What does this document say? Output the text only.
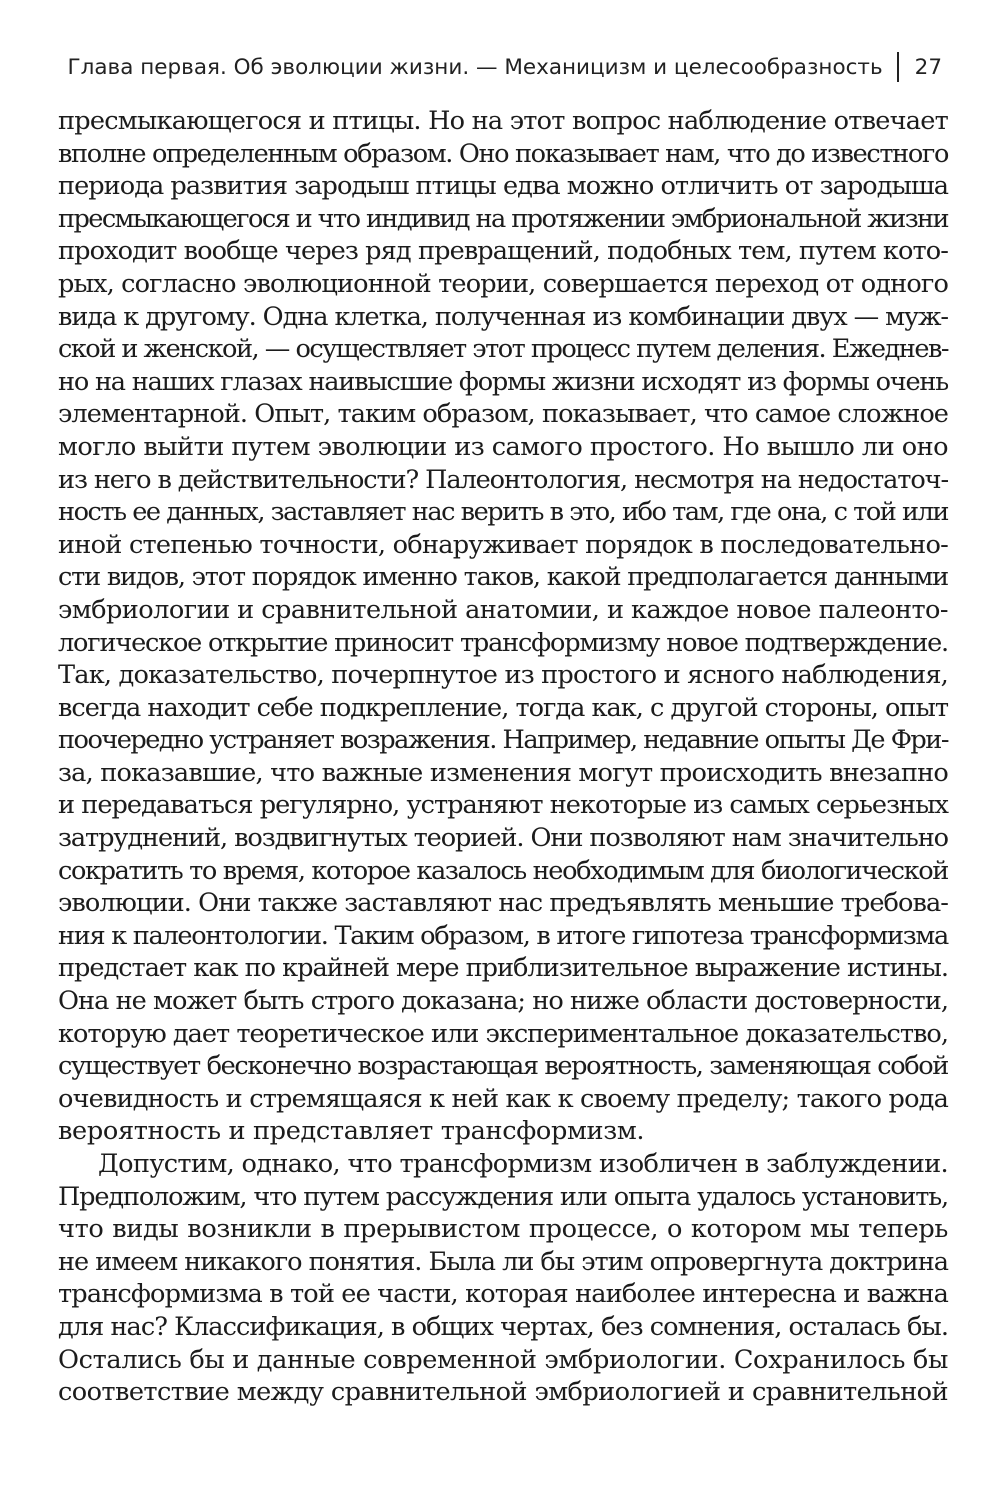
Глава первая. Об эволюции жизни. — Механицизм и целесообразность 27
пресмыкающегося и птицы. Но на этот вопрос наблюдение отвечает
вполне определенным образом. Оно показывает нам, что до известного
периода развития зародыш птицы едва можно отличить от зародыша
пресмыкающегося и что индивид на протяжении эмбриональной жизни
проходит вообще через ряд превращений, подобных тем, путем кото-
рых, согласно эволюционной теории, совершается переход от одного
вида к другому. Одна клетка, полученная из комбинации двух — муж-
ской и женской, — осуществляет этот процесс путем деления. Ежеднев-
но на наших глазах наивысшие формы жизни исходят из формы очень
элементарной. Опыт, таким образом, показывает, что самое сложное
могло выйти путем эволюции из самого простого. Но вышло ли оно
из него в действительности? Палеонтология, несмотря на недостаточ-
ность ее данных, заставляет нас верить в это, ибо там, где она, с той или
иной степенью точности, обнаруживает порядок в последовательно-
сти видов, этот порядок именно таков, какой предполагается данными
эмбриологии и сравнительной анатомии, и каждое новое палеонто-
логическое открытие приносит трансформизму новое подтверждение.
Так, доказательство, почерпнутое из простого и ясного наблюдения,
всегда находит себе подкрепление, тогда как, с другой стороны, опыт
поочередно устраняет возражения. Например, недавние опыты Де Фри-
за, показавшие, что важные изменения могут происходить внезапно
и передаваться регулярно, устраняют некоторые из самых серьезных
затруднений, воздвигнутых теорией. Они позволяют нам значительно
сократить то время, которое казалось необходимым для биологической
эволюции. Они также заставляют нас предъявлять меньшие требова-
ния к палеонтологии. Таким образом, в итоге гипотеза трансформизма
предстает как по крайней мере приблизительное выражение истины.
Она не может быть строго доказана; но ниже области достоверности,
которую дает теоретическое или экспериментальное доказательство,
существует бесконечно возрастающая вероятность, заменяющая собой
очевидность и стремящаяся к ней как к своему пределу; такого рода
вероятность и представляет трансформизм.
Допустим, однако, что трансформизм изобличен в заблуждении.
Предположим, что путем рассуждения или опыта удалось установить,
что виды возникли в прерывистом процессе, о котором мы теперь
не имеем никакого понятия. Была ли бы этим опровергнута доктрина
трансформизма в той ее части, которая наиболее интересна и важна
для нас? Классификация, в общих чертах, без сомнения, осталась бы.
Остались бы и данные современной эмбриологии. Сохранилось бы
соответствие между сравнительной эмбриологией и сравнительной
